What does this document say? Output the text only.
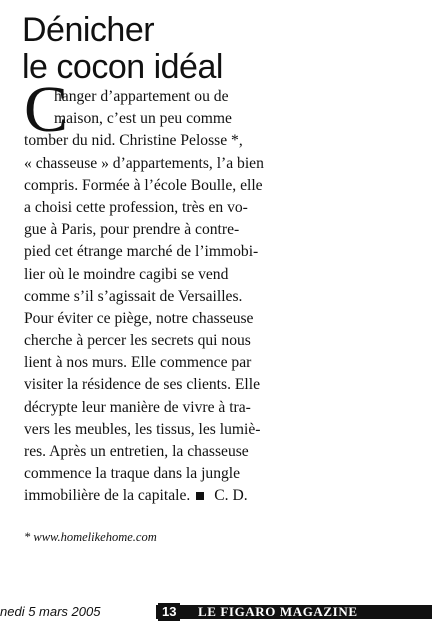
Dénicher
le cocon idéal
C
hanger d’appartement ou de
maison, c’est un peu comme
tomber du nid. Christine Pelosse *,
« chasseuse » d’appartements, l’a bien
compris. Formée à l’école Boulle, elle
a choisi cette profession, très en vo-
gue à Paris, pour prendre à contre-
pied cet étrange marché de l’immobi-
lier où le moindre cagibi se vend
comme s’il s’agissait de Versailles.
Pour éviter ce piège, notre chasseuse
cherche à percer les secrets qui nous
lient à nos murs. Elle commence par
visiter la résidence de ses clients. Elle
décrypte leur manière de vivre à tra-
vers les meubles, les tissus, les lumiè-
res. Après un entretien, la chasseuse
commence la traque dans la jungle
immobilière de la capitale. C. D.
* www.homelikehome.com
nedi 5 mars 2005	13	LE FIGARO MAGAZINE
